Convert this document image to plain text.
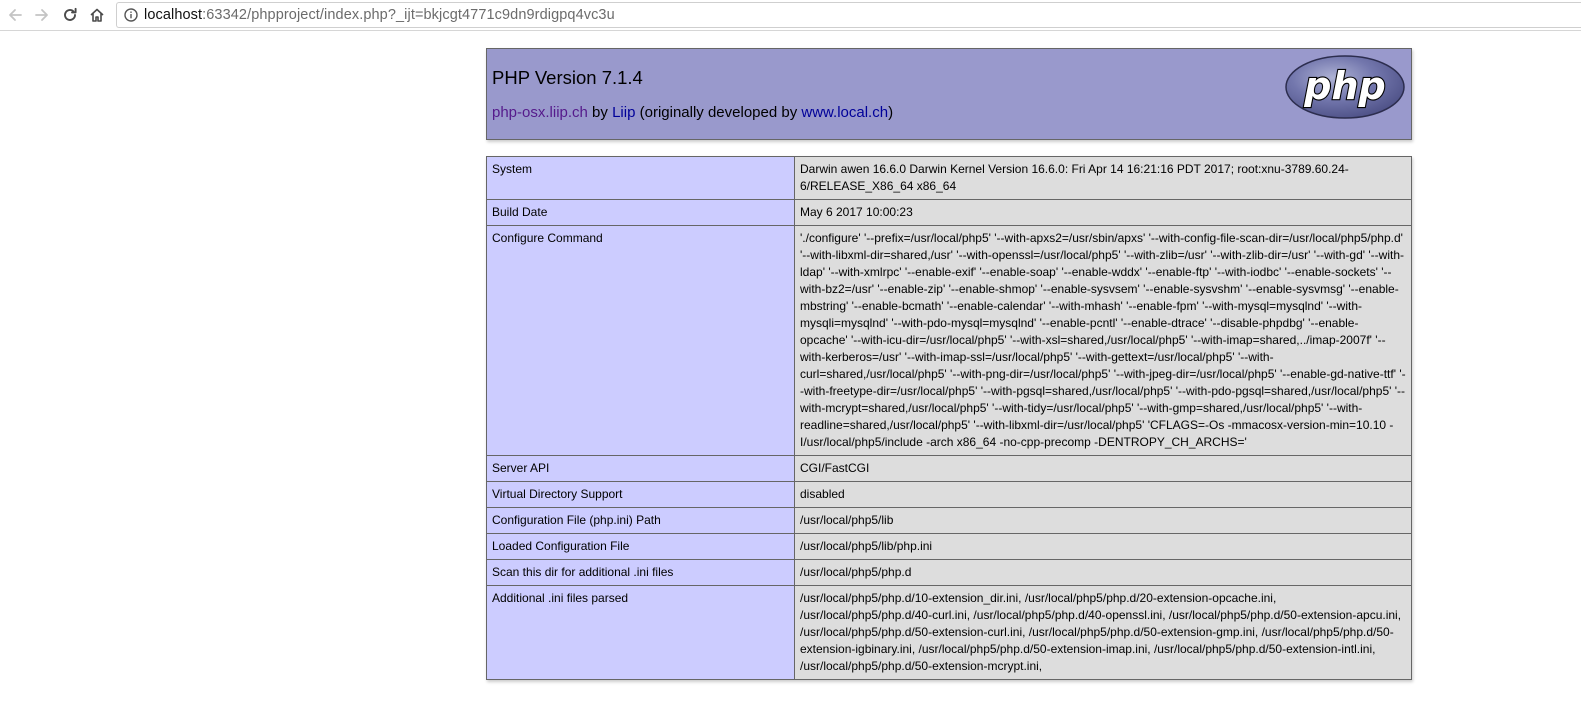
localhost:63342/phpproject/index.php?_ijt=bkjcgt4771c9dn9rdigpq4vc3u
PHP Version 7.1.4
php-osx.liip.ch by Liip (originally developed by www.local.ch)
php
System	Darwin awen 16.6.0 Darwin Kernel Version 16.6.0: Fri Apr 14 16:21:16 PDT 2017; root:xnu-3789.60.24-6/RELEASE_X86_64 x86_64
Build Date	May 6 2017 10:00:23
Configure Command	'./configure' '--prefix=/usr/local/php5' '--with-apxs2=/usr/sbin/apxs' '--with-config-file-scan-dir=/usr/local/php5/php.d' '--with-libxml-dir=shared,/usr' '--with-openssl=/usr/local/php5' '--with-zlib=/usr' '--with-zlib-dir=/usr' '--with-gd' '--with-ldap' '--with-xmlrpc' '--enable-exif' '--enable-soap' '--enable-wddx' '--enable-ftp' '--with-iodbc' '--enable-sockets' '--with-bz2=/usr' '--enable-zip' '--enable-shmop' '--enable-sysvsem' '--enable-sysvshm' '--enable-sysvmsg' '--enable-mbstring' '--enable-bcmath' '--enable-calendar' '--with-mhash' '--enable-fpm' '--with-mysql=mysqlnd' '--with-mysqli=mysqlnd' '--with-pdo-mysql=mysqlnd' '--enable-pcntl' '--enable-dtrace' '--disable-phpdbg' '--enable-opcache' '--with-icu-dir=/usr/local/php5' '--with-xsl=shared,/usr/local/php5' '--with-imap=shared,../imap-2007f' '--with-kerberos=/usr' '--with-imap-ssl=/usr/local/php5' '--with-gettext=/usr/local/php5' '--with-curl=shared,/usr/local/php5' '--with-png-dir=/usr/local/php5' '--with-jpeg-dir=/usr/local/php5' '--enable-gd-native-ttf' '--with-freetype-dir=/usr/local/php5' '--with-pgsql=shared,/usr/local/php5' '--with-pdo-pgsql=shared,/usr/local/php5' '--with-mcrypt=shared,/usr/local/php5' '--with-tidy=/usr/local/php5' '--with-gmp=shared,/usr/local/php5' '--with-readline=shared,/usr/local/php5' '--with-libxml-dir=/usr/local/php5' 'CFLAGS=-Os -mmacosx-version-min=10.10 -I/usr/local/php5/include -arch x86_64 -no-cpp-precomp -DENTROPY_CH_ARCHS='
Server API	CGI/FastCGI
Virtual Directory Support	disabled
Configuration File (php.ini) Path	/usr/local/php5/lib
Loaded Configuration File	/usr/local/php5/lib/php.ini
Scan this dir for additional .ini files	/usr/local/php5/php.d
Additional .ini files parsed	/usr/local/php5/php.d/10-extension_dir.ini, /usr/local/php5/php.d/20-extension-opcache.ini, /usr/local/php5/php.d/40-curl.ini, /usr/local/php5/php.d/40-openssl.ini, /usr/local/php5/php.d/50-extension-apcu.ini, /usr/local/php5/php.d/50-extension-curl.ini, /usr/local/php5/php.d/50-extension-gmp.ini, /usr/local/php5/php.d/50-extension-igbinary.ini, /usr/local/php5/php.d/50-extension-imap.ini, /usr/local/php5/php.d/50-extension-intl.ini, /usr/local/php5/php.d/50-extension-mcrypt.ini,
